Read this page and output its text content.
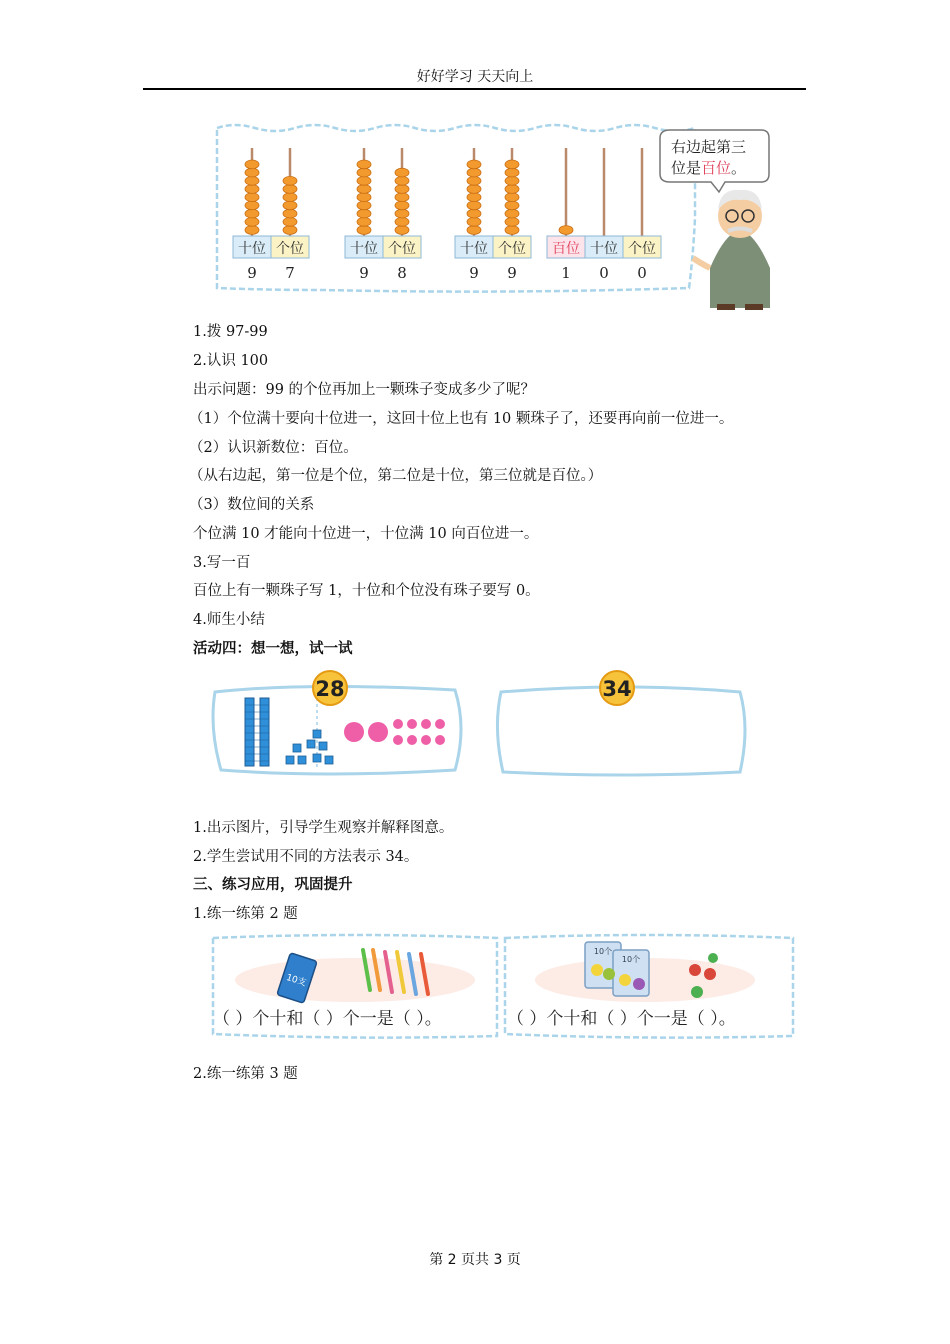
好好学习 天天向上
十位
9
个位
7
十位
9
个位
8
十位
9
个位
9
百位
1
十位
0
个位
0
右边起第三
位是百位。
1.拨 97-99
2.认识 100
出示问题：99 的个位再加上一颗珠子变成多少了呢？
（1）个位满十要向十位进一，这回十位上也有 10 颗珠子了，还要再向前一位进一。
（2）认识新数位：百位。
（从右边起，第一位是个位，第二位是十位，第三位就是百位。）
（3）数位间的关系
个位满 10 才能向十位进一，十位满 10 向百位进一。
3.写一百
百位上有一颗珠子写 1，十位和个位没有珠子要写 0。
4.师生小结
活动四：想一想，试一试
28	34
1.出示图片，引导学生观察并解释图意。
2.学生尝试用不同的方法表示 34。
三、练习应用，巩固提升
1.练一练第 2 题
10支
10个
10个
（ ）个十和（ ）个一是（ ）。	（ ）个十和（ ）个一是（ ）。
2.练一练第 3 题
第 2 页共 3 页
